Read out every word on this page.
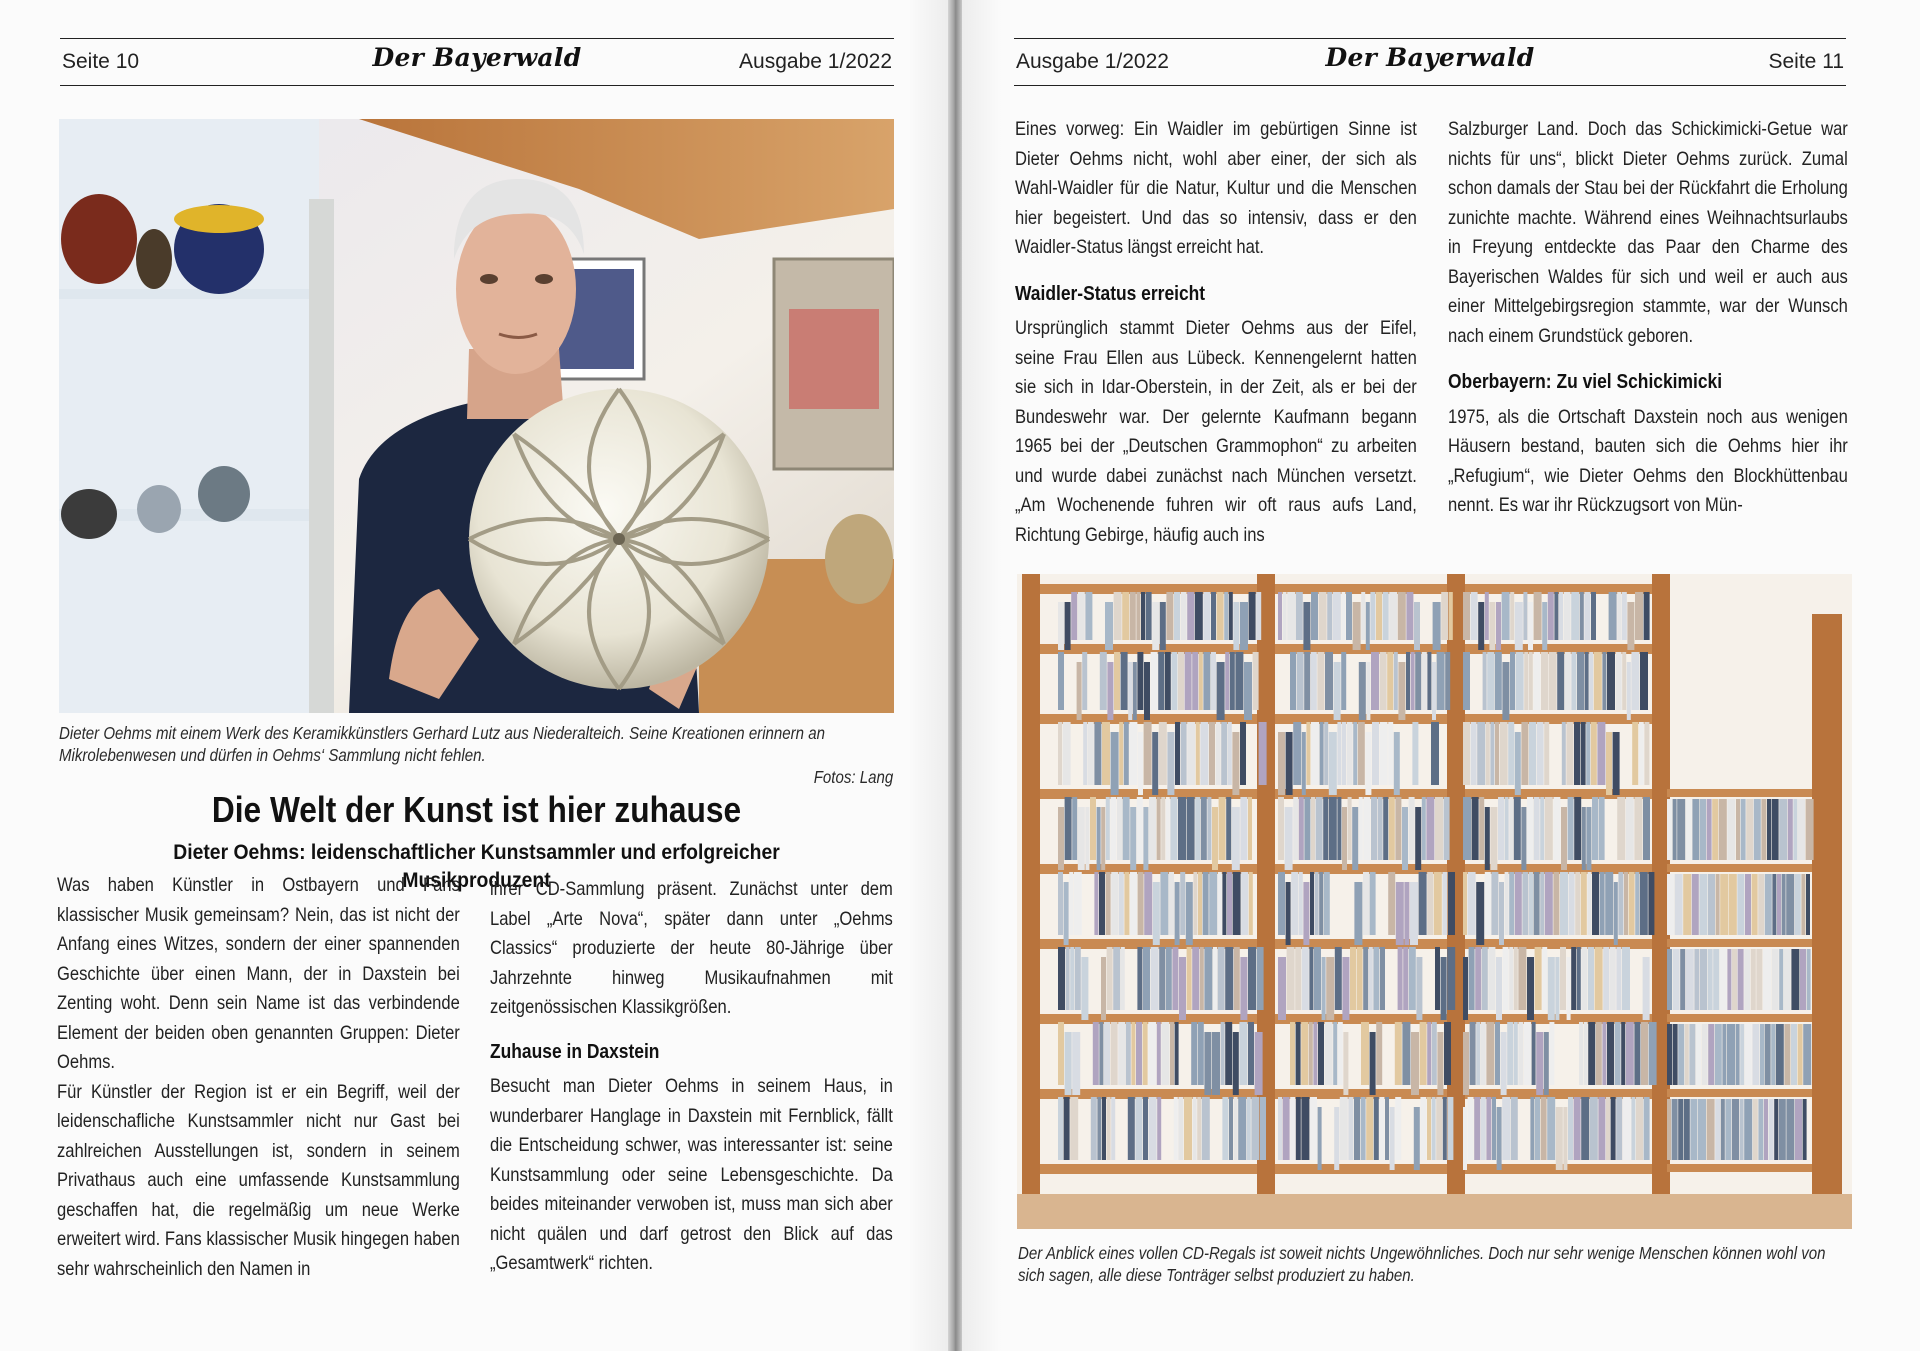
Seite 10	Der Bayerwald	Ausgabe 1/2022
Dieter Oehms mit einem Werk des Keramikkünstlers Gerhard Lutz aus Niederalteich. Seine Kreationen erinnern an Mikrolebenwesen und dürfen in Oehms‘ Sammlung nicht fehlen.
Fotos: Lang
Die Welt der Kunst ist hier zuhause
Dieter Oehms: leidenschaftlicher Kunstsammler und erfolgreicher Musikproduzent

Was haben Künstler in Ostbayern und Fans klassischer Musik gemeinsam? Nein, das ist nicht der Anfang eines Witzes, sondern der einer spannenden Geschichte über einen Mann, der in Daxstein bei Zenting woht. Denn sein Name ist das verbindende Element der beiden oben genannten Gruppen: Dieter Oehms.

Für Künstler der Region ist er ein Begriff, weil der leidenschafliche Kunstsammler nicht nur Gast bei zahlreichen Ausstellungen ist, sondern in seinem Privathaus auch eine umfassende Kunstsammlung geschaffen hat, die regelmäßig um neue Werke erweitert wird. Fans klassischer Musik hingegen haben sehr wahrscheinlich den Namen in

ihrer CD-Sammlung präsent. Zunächst unter dem Label „Arte Nova“, später dann unter „Oehms Classics“ produzierte der heute 80-Jährige über Jahrzehnte hinweg Musikaufnahmen mit zeitgenössischen Klassikgrößen.

Zuhause in Daxstein

Besucht man Dieter Oehms in seinem Haus, in wunderbarer Hanglage in Daxstein mit Fernblick, fällt die Entscheidung schwer, was interessanter ist: seine Kunstsammlung oder seine Lebensgeschichte. Da beides miteinander verwoben ist, muss man sich aber nicht quälen und darf getrost den Blick auf das „Gesamtwerk“ richten.

Ausgabe 1/2022	Der Bayerwald	Seite 11

Eines vorweg: Ein Waidler im gebürtigen Sinne ist Dieter Oehms nicht, wohl aber einer, der sich als Wahl-Waidler für die Natur, Kultur und die Menschen hier begeistert. Und das so intensiv, dass er den Waidler-Status längst erreicht hat.

Waidler-Status erreicht

Ursprünglich stammt Dieter Oehms aus der Eifel, seine Frau Ellen aus Lübeck. Kennengelernt hatten sie sich in Idar-Oberstein, in der Zeit, als er bei der Bundeswehr war. Der gelernte Kaufmann begann 1965 bei der „Deutschen Grammophon“ zu arbeiten und wurde dabei zunächst nach München versetzt. „Am Wochenende fuhren wir oft raus aufs Land, Richtung Gebirge, häufig auch ins

Salzburger Land. Doch das Schickimicki-Getue war nichts für uns“, blickt Dieter Oehms zurück. Zumal schon damals der Stau bei der Rückfahrt die Erholung zunichte machte. Während eines Weihnachtsurlaubs in Freyung entdeckte das Paar den Charme des Bayerischen Waldes für sich und weil er auch aus einer Mittelgebirgsregion stammte, war der Wunsch nach einem Grundstück geboren.

Oberbayern: Zu viel Schickimicki

1975, als die Ortschaft Daxstein noch aus wenigen Häusern bestand, bauten sich die Oehms hier ihr „Refugium“, wie Dieter Oehms den Blockhüttenbau nennt. Es war ihr Rückzugsort von Mün-

Der Anblick eines vollen CD-Regals ist soweit nichts Ungewöhnliches. Doch nur sehr wenige Menschen können wohl von sich sagen, alle diese Tonträger selbst produziert zu haben.
